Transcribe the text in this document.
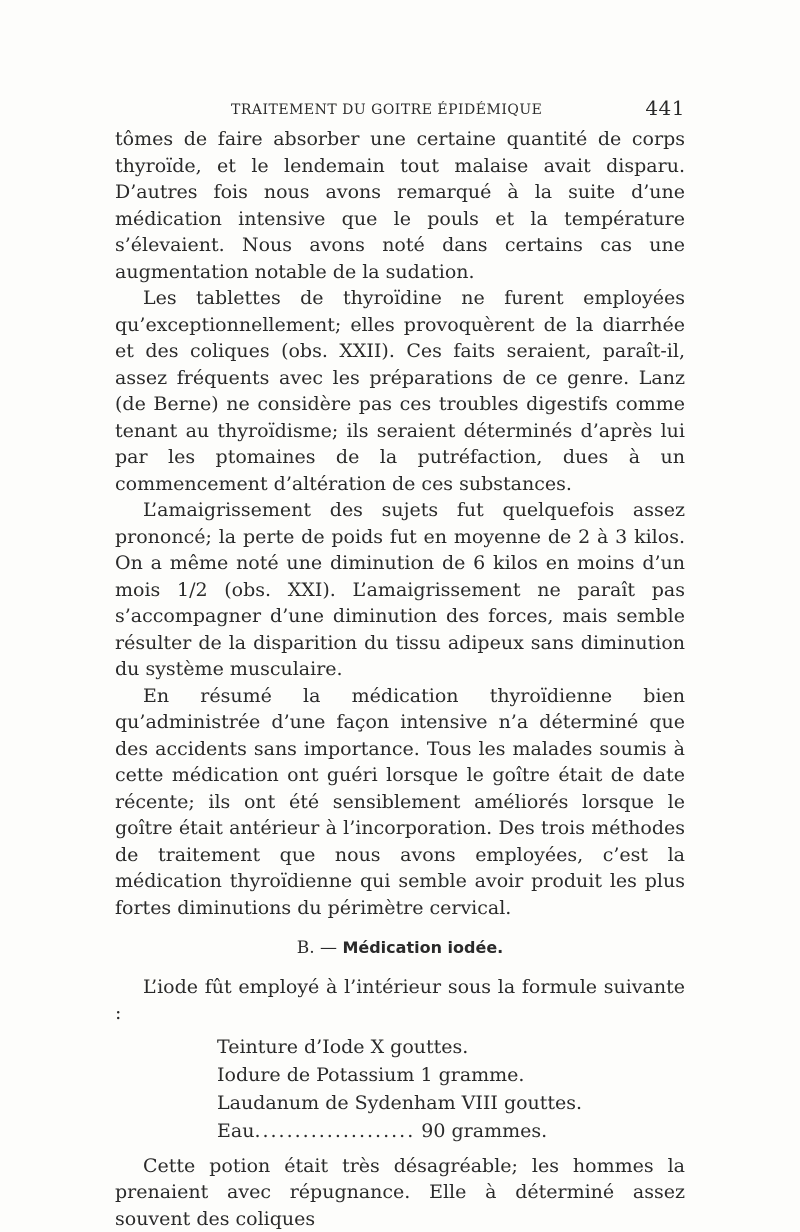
TRAITEMENT DU GOITRE ÉPIDÉMIQUE	441

tômes de faire absorber une certaine quantité de corps thyroïde, et le lendemain tout malaise avait disparu. D’autres fois nous avons remarqué à la suite d’une médication intensive que le pouls et la température s’élevaient. Nous avons noté dans certains cas une augmentation notable de la sudation.

Les tablettes de thyroïdine ne furent employées qu’exceptionnellement; elles provoquèrent de la diarrhée et des coliques (obs. XXII). Ces faits seraient, paraît-il, assez fréquents avec les préparations de ce genre. Lanz (de Berne) ne considère pas ces troubles digestifs comme tenant au thyroïdisme; ils seraient déterminés d’après lui par les ptomaines de la putréfaction, dues à un commencement d’altération de ces substances.

L’amaigrissement des sujets fut quelquefois assez prononcé; la perte de poids fut en moyenne de 2 à 3 kilos. On a même noté une diminution de 6 kilos en moins d’un mois 1/2 (obs. XXI). L’amaigrissement ne paraît pas s’accompagner d’une diminution des forces, mais semble résulter de la disparition du tissu adipeux sans diminution du système musculaire.

En résumé la médication thyroïdienne bien qu’administrée d’une façon intensive n’a déterminé que des accidents sans importance. Tous les malades soumis à cette médication ont guéri lorsque le goître était de date récente; ils ont été sensiblement améliorés lorsque le goître était antérieur à l’incorporation. Des trois méthodes de traitement que nous avons employées, c’est la médication thyroïdienne qui semble avoir produit les plus fortes diminutions du périmètre cervical.

B. — Médication iodée.

L’iode fût employé à l’intérieur sous la formule suivante :

Teinture d’Iode X gouttes.
Iodure de Potassium 1 gramme.
Laudanum de Sydenham VIII gouttes.
Eau.................... 90 grammes.

Cette potion était très désagréable; les hommes la prenaient avec répugnance. Elle à déterminé assez souvent des coliques
